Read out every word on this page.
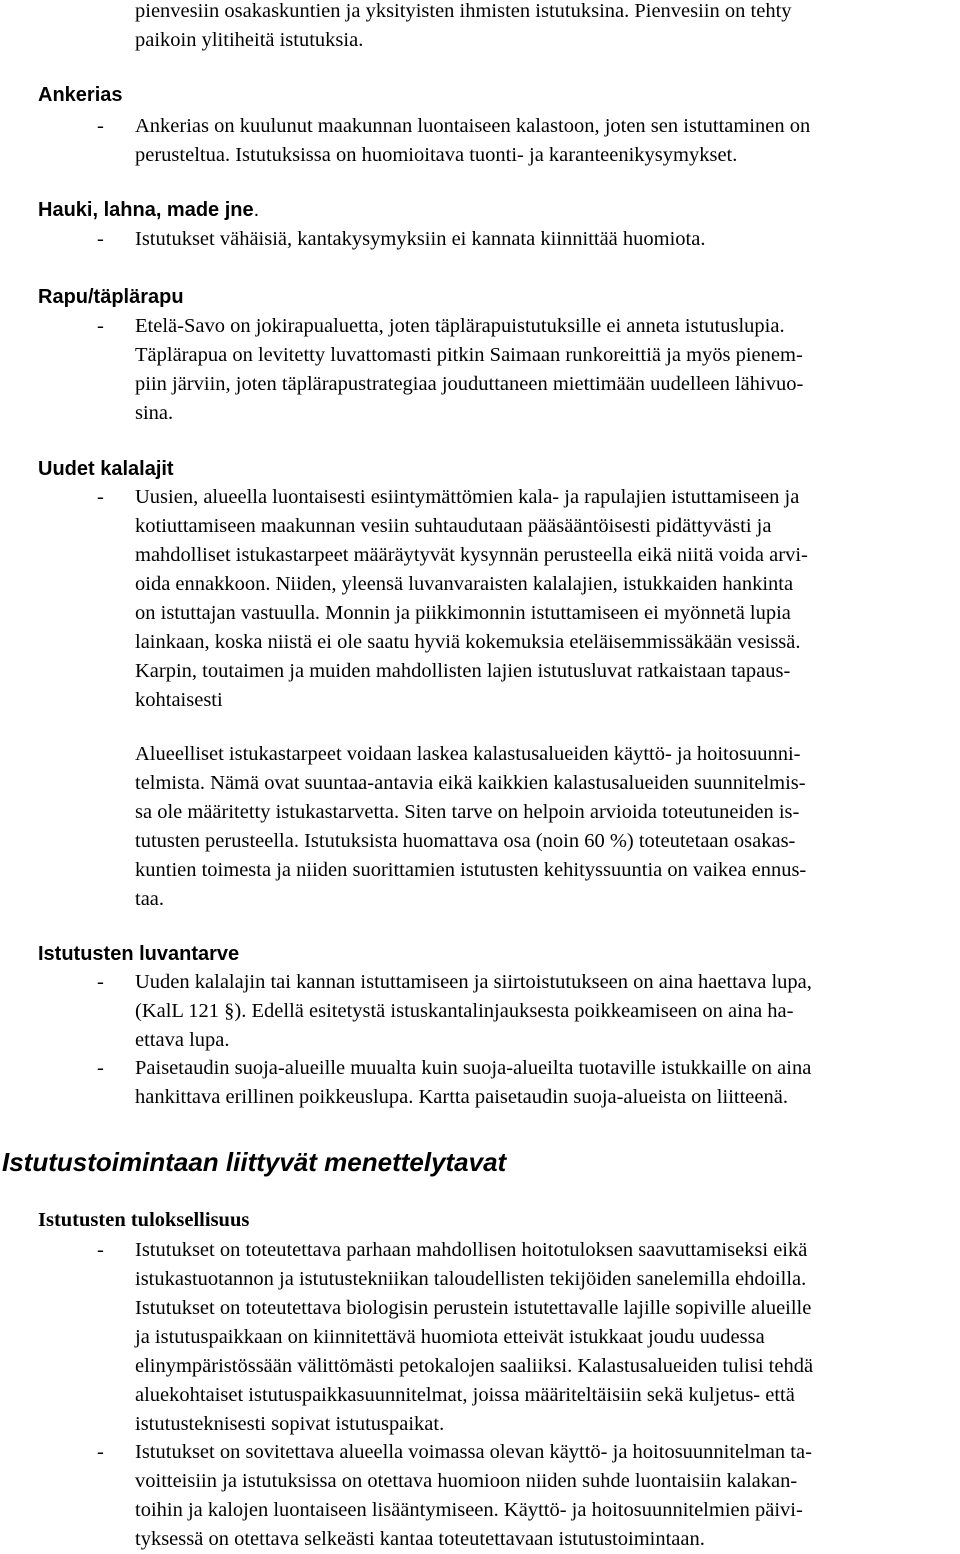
pienvesiin osakaskuntien ja yksityisten ihmisten istutuksina. Pienvesiin on tehty
paikoin ylitiheitä istutuksia.
Ankerias
- Ankerias on kuulunut maakunnan luontaiseen kalastoon, joten sen istuttaminen on
perusteltua. Istutuksissa on huomioitava tuonti- ja karanteenikysymykset.
Hauki, lahna, made jne.
- Istutukset vähäisiä, kantakysymyksiin ei kannata kiinnittää huomiota.
Rapu/täplärapu
- Etelä-Savo on jokirapualuetta, joten täplärapuistutuksille ei anneta istutuslupia.
Täplärapua on levitetty luvattomasti pitkin Saimaan runkoreittiä ja myös pienem-
piin järviin, joten täplärapustrategiaa jouduttaneen miettimään uudelleen lähivuo-
sina.
Uudet kalalajit
- Uusien, alueella luontaisesti esiintymättömien kala- ja rapulajien istuttamiseen ja
kotiuttamiseen maakunnan vesiin suhtaudutaan pääsääntöisesti pidättyvästi ja
mahdolliset istukastarpeet määräytyvät kysynnän perusteella eikä niitä voida arvi-
oida ennakkoon. Niiden, yleensä luvanvaraisten kalalajien, istukkaiden hankinta
on istuttajan vastuulla. Monnin ja piikkimonnin istuttamiseen ei myönnetä lupia
lainkaan, koska niistä ei ole saatu hyviä kokemuksia eteläisemmissäkään vesissä.
Karpin, toutaimen ja muiden mahdollisten lajien istutusluvat ratkaistaan tapaus-
kohtaisesti
Alueelliset istukastarpeet voidaan laskea kalastusalueiden käyttö- ja hoitosuunni-
telmista. Nämä ovat suuntaa-antavia eikä kaikkien kalastusalueiden suunnitelmis-
sa ole määritetty istukastarvetta. Siten tarve on helpoin arvioida toteutuneiden is-
tutusten perusteella. Istutuksista huomattava osa (noin 60 %) toteutetaan osakas-
kuntien toimesta ja niiden suorittamien istutusten kehityssuuntia on vaikea ennus-
taa.
Istutusten luvantarve
- Uuden kalalajin tai kannan istuttamiseen ja siirtoistutukseen on aina haettava lupa,
(KalL 121 §). Edellä esitetystä istuskantalinjauksesta poikkeamiseen on aina ha-
ettava lupa.
- Paisetaudin suoja-alueille muualta kuin suoja-alueilta tuotaville istukkaille on aina
hankittava erillinen poikkeuslupa. Kartta paisetaudin suoja-alueista on liitteenä.
Istutustoimintaan liittyvät menettelytavat
Istutusten tuloksellisuus
- Istutukset on toteutettava parhaan mahdollisen hoitotuloksen saavuttamiseksi eikä
istukastuotannon ja istutustekniikan taloudellisten tekijöiden sanelemilla ehdoilla.
Istutukset on toteutettava biologisin perustein istutettavalle lajille sopiville alueille
ja istutuspaikkaan on kiinnitettävä huomiota etteivät istukkaat joudu uudessa
elinympäristössään välittömästi petokalojen saaliiksi. Kalastusalueiden tulisi tehdä
aluekohtaiset istutuspaikkasuunnitelmat, joissa määriteltäisiin sekä kuljetus- että
istutusteknisesti sopivat istutuspaikat.
- Istutukset on sovitettava alueella voimassa olevan käyttö- ja hoitosuunnitelman ta-
voitteisiin ja istutuksissa on otettava huomioon niiden suhde luontaisiin kalakan-
toihin ja kalojen luontaiseen lisääntymiseen. Käyttö- ja hoitosuunnitelmien päivi-
tyksessä on otettava selkeästi kantaa toteutettavaan istutustoimintaan.
